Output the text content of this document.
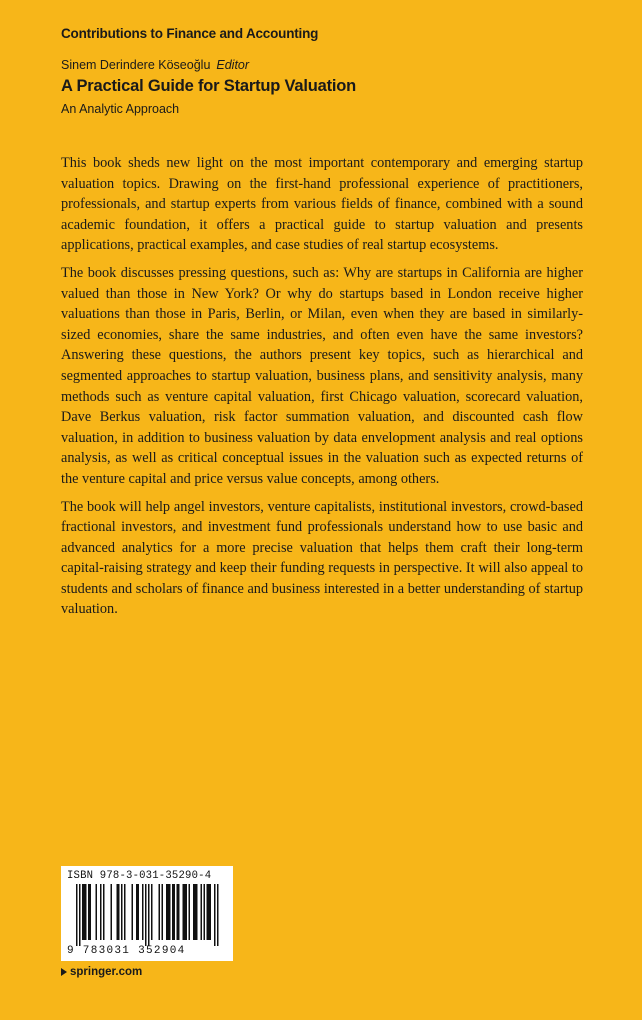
Contributions to Finance and Accounting
Sinem Derindere Köseoğlu Editor
A Practical Guide for Startup Valuation
An Analytic Approach

This book sheds new light on the most important contemporary and emerging startup valuation topics. Drawing on the first-hand professional experience of practitioners, professionals, and startup experts from various fields of finance, combined with a sound academic foundation, it offers a practical guide to startup valuation and presents applications, practical examples, and case studies of real startup ecosystems.

The book discusses pressing questions, such as: Why are startups in California are higher valued than those in New York? Or why do startups based in London receive higher valuations than those in Paris, Berlin, or Milan, even when they are based in similarly-sized economies, share the same industries, and often even have the same investors? Answering these questions, the authors present key topics, such as hierarchical and segmented approaches to startup valuation, business plans, and sensitivity analysis, many methods such as venture capital valuation, first Chicago valuation, scorecard valuation, Dave Berkus valuation, risk factor summation valuation, and discounted cash flow valuation, in addition to business valuation by data envelopment analysis and real options analysis, as well as critical conceptual issues in the valuation such as expected returns of the venture capital and price versus value concepts, among others.

The book will help angel investors, venture capitalists, institutional investors, crowd-based fractional investors, and investment fund professionals understand how to use basic and advanced analytics for a more precise valuation that helps them craft their long-term capital-raising strategy and keep their funding requests in perspective. It will also appeal to students and scholars of finance and business interested in a better understanding of startup valuation.

ISBN 978-3-031-35290-4
9 783031 352904
springer.com
